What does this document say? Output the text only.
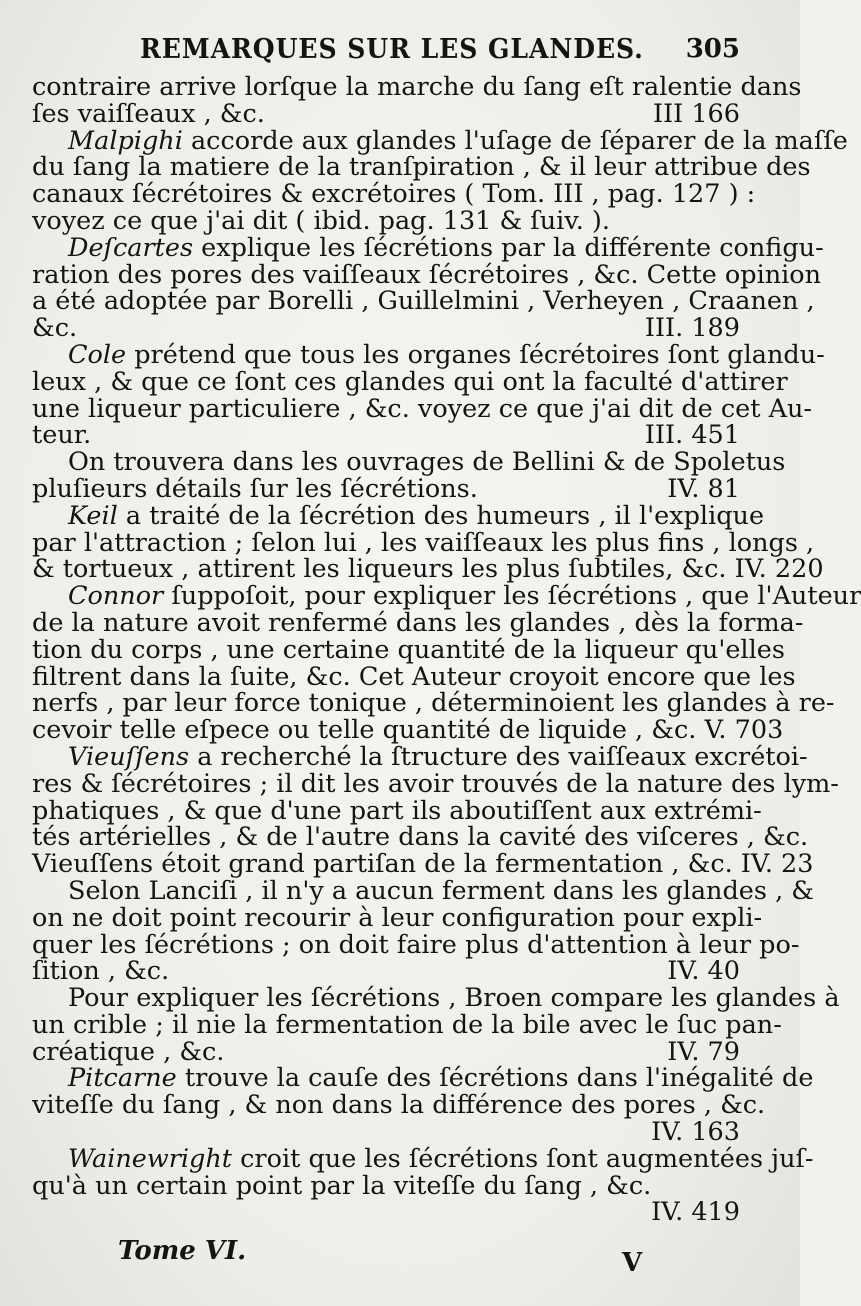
REMARQUES SUR LES GLANDES. 305
contraire arrive lorſque la marche du ſang eſt ralentie dans
ſes vaiſſeaux , &c.	III 166
Malpighi accorde aux glandes l'uſage de ſéparer de la maſſe
du ſang la matiere de la tranſpiration , & il leur attribue des
canaux ſécrétoires & excrétoires ( Tom. III , pag. 127 ) :
voyez ce que j'ai dit ( ibid. pag. 131 & ſuiv. ).
Deſcartes explique les ſécrétions par la différente configu-
ration des pores des vaiſſeaux ſécrétoires , &c. Cette opinion
a été adoptée par Borelli , Guillelmini , Verheyen , Craanen ,
&c.	III. 189
Cole prétend que tous les organes ſécrétoires ſont glandu-
leux , & que ce ſont ces glandes qui ont la faculté d'attirer
une liqueur particuliere , &c. voyez ce que j'ai dit de cet Au-
teur.	III. 451
On trouvera dans les ouvrages de Bellini & de Spoletus
pluſieurs détails ſur les ſécrétions.	IV. 81
Keil a traité de la ſécrétion des humeurs , il l'explique
par l'attraction ; ſelon lui , les vaiſſeaux les plus fins , longs ,
& tortueux , attirent les liqueurs les plus ſubtiles, &c. IV. 220
Connor ſuppoſoit, pour expliquer les ſécrétions , que l'Auteur
de la nature avoit renfermé dans les glandes , dès la forma-
tion du corps , une certaine quantité de la liqueur qu'elles
filtrent dans la ſuite, &c. Cet Auteur croyoit encore que les
nerfs , par leur force tonique , déterminoient les glandes à re-
cevoir telle eſpece ou telle quantité de liquide , &c. V. 703
Vieuſſens a recherché la ſtructure des vaiſſeaux excrétoi-
res & ſécrétoires ; il dit les avoir trouvés de la nature des lym-
phatiques , & que d'une part ils aboutiſſent aux extrémi-
tés artérielles , & de l'autre dans la cavité des viſceres , &c.
Vieuſſens étoit grand partiſan de la fermentation , &c. IV. 23
Selon Lanciſi , il n'y a aucun ferment dans les glandes , &
on ne doit point recourir à leur configuration pour expli-
quer les ſécrétions ; on doit faire plus d'attention à leur po-
ſition , &c.	IV. 40
Pour expliquer les ſécrétions , Broen compare les glandes à
un crible ; il nie la fermentation de la bile avec le ſuc pan-
créatique , &c.	IV. 79
Pitcarne trouve la cauſe des ſécrétions dans l'inégalité de
viteſſe du ſang , & non dans la différence des pores , &c.
IV. 163
Wainewright croit que les ſécrétions ſont augmentées juſ-
qu'à un certain point par la viteſſe du ſang , &c.
IV. 419
Tome VI.	V
